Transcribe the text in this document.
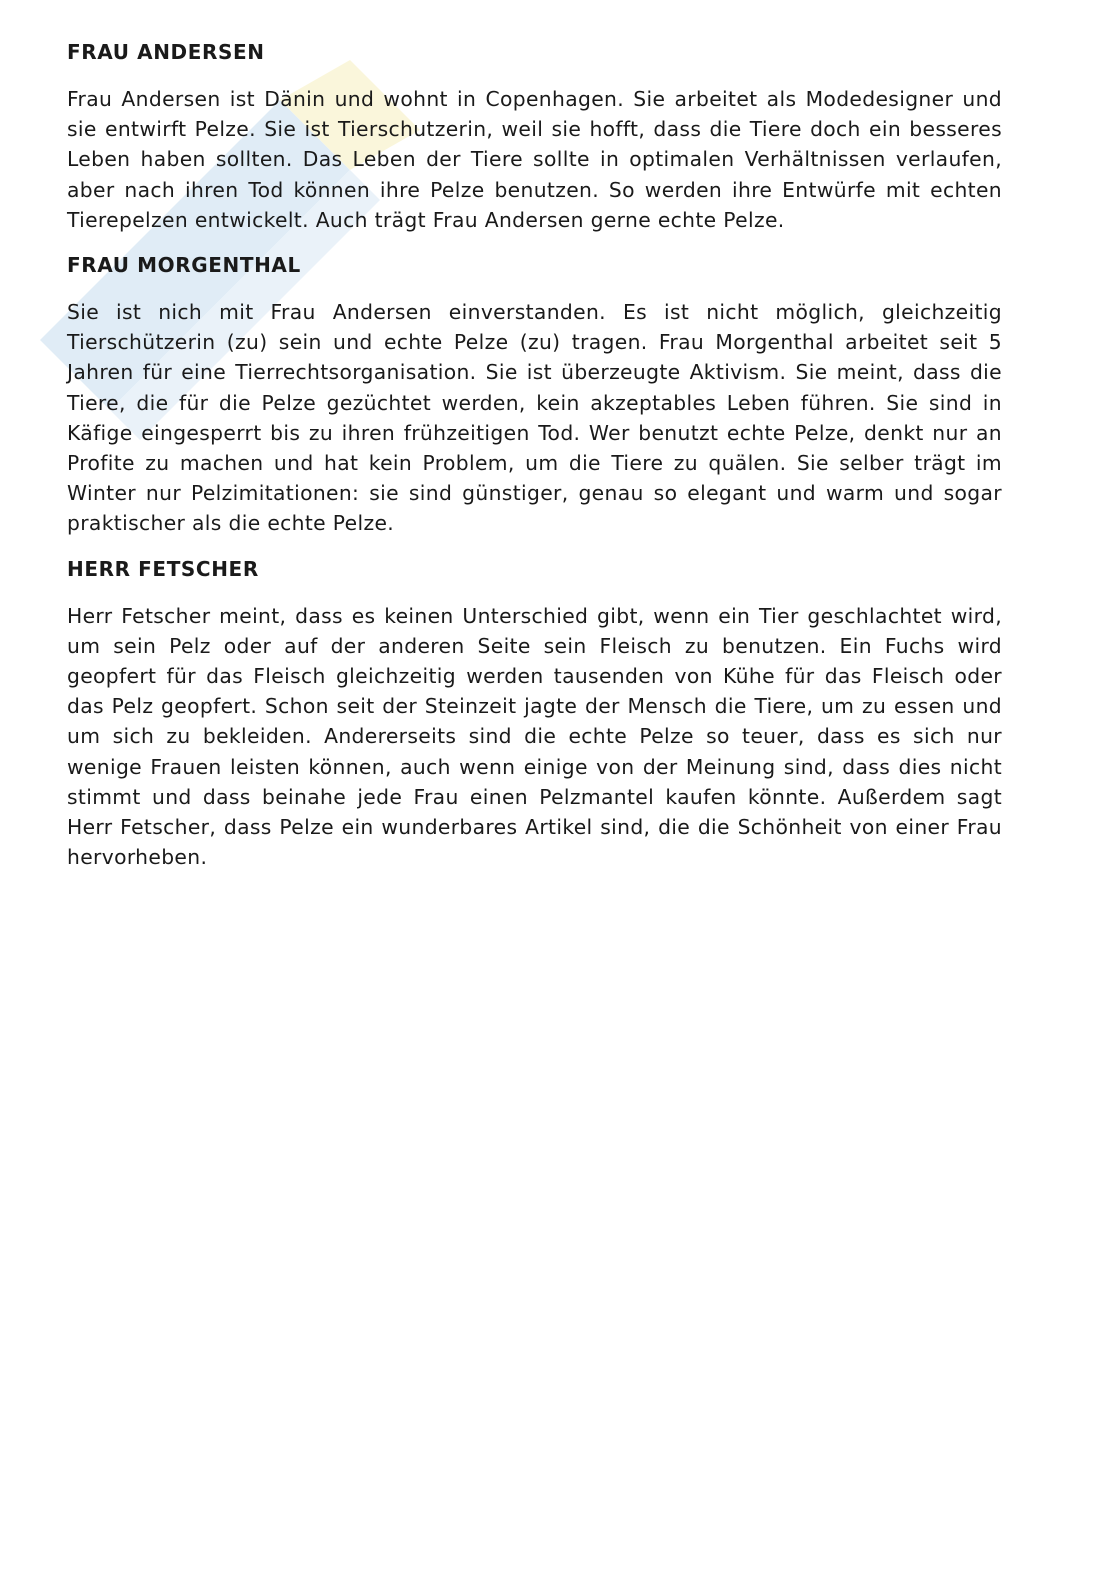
FRAU ANDERSEN

Frau Andersen ist Dänin und wohnt in Copenhagen. Sie arbeitet als Modedesigner und sie entwirft Pelze. Sie ist Tierschutzerin, weil sie hofft, dass die Tiere doch ein besseres Leben haben sollten. Das Leben der Tiere sollte in optimalen Verhältnissen verlaufen, aber nach ihren Tod können ihre Pelze benutzen. So werden ihre Entwürfe mit echten Tierepelzen entwickelt. Auch trägt Frau Andersen gerne echte Pelze.

FRAU MORGENTHAL

Sie ist nich mit Frau Andersen einverstanden. Es ist nicht möglich, gleichzeitig Tierschützerin (zu) sein und echte Pelze (zu) tragen. Frau Morgenthal arbeitet seit 5 Jahren für eine Tierrechtsorganisation. Sie ist überzeugte Aktivism. Sie meint, dass die Tiere, die für die Pelze gezüchtet werden, kein akzeptables Leben führen. Sie sind in Käfige eingesperrt bis zu ihren frühzeitigen Tod. Wer benutzt echte Pelze, denkt nur an Profite zu machen und hat kein Problem, um die Tiere zu quälen. Sie selber trägt im Winter nur Pelzimitationen: sie sind günstiger, genau so elegant und warm und sogar praktischer als die echte Pelze.

HERR FETSCHER

Herr Fetscher meint, dass es keinen Unterschied gibt, wenn ein Tier geschlachtet wird, um sein Pelz oder auf der anderen Seite sein Fleisch zu benutzen. Ein Fuchs wird geopfert für das Fleisch gleichzeitig werden tausenden von Kühe für das Fleisch oder das Pelz geopfert. Schon seit der Steinzeit jagte der Mensch die Tiere, um zu essen und um sich zu bekleiden. Andererseits sind die echte Pelze so teuer, dass es sich nur wenige Frauen leisten können, auch wenn einige von der Meinung sind, dass dies nicht stimmt und dass beinahe jede Frau einen Pelzmantel kaufen könnte. Außerdem sagt Herr Fetscher, dass Pelze ein wunderbares Artikel sind, die die Schönheit von einer Frau hervorheben.
